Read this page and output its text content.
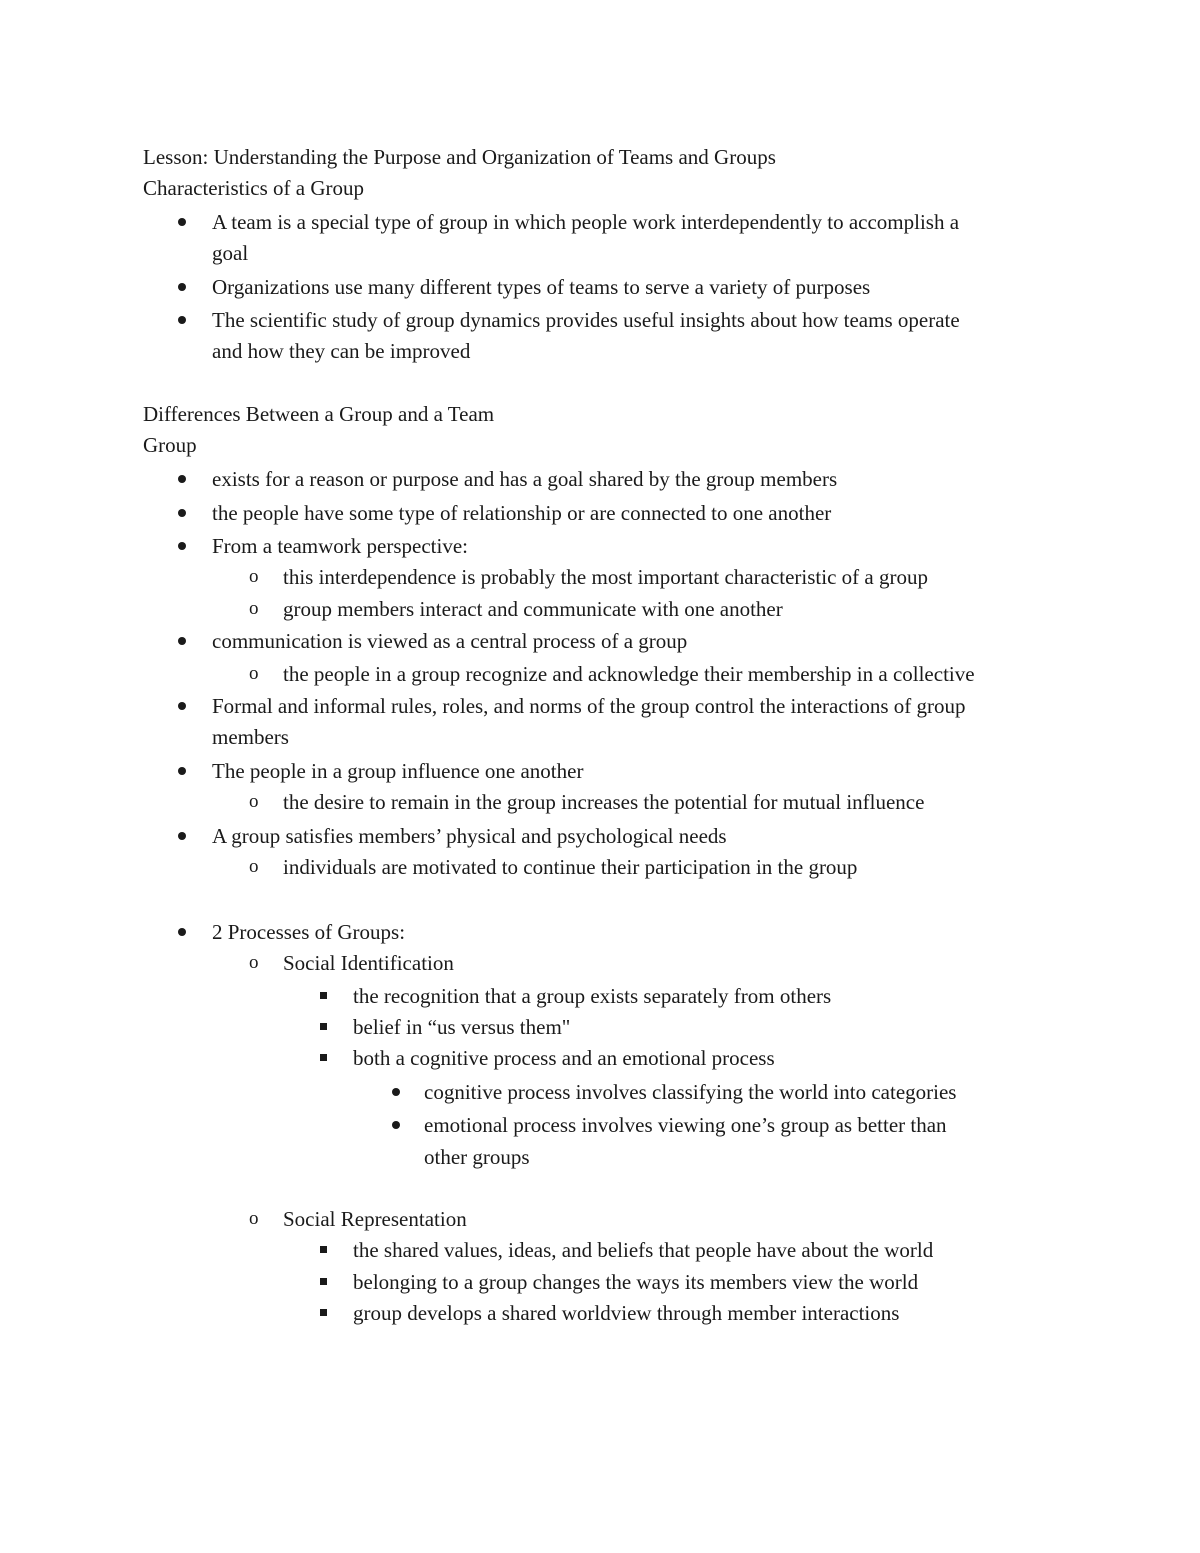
Lesson: Understanding the Purpose and Organization of Teams and Groups
Characteristics of a Group
A team is a special type of group in which people work interdependently to accomplish a
goal
Organizations use many different types of teams to serve a variety of purposes
The scientific study of group dynamics provides useful insights about how teams operate
and how they can be improved
Differences Between a Group and a Team
Group
exists for a reason or purpose and has a goal shared by the group members
the people have some type of relationship or are connected to one another
From a teamwork perspective:
o this interdependence is probably the most important characteristic of a group
o group members interact and communicate with one another
communication is viewed as a central process of a group
o the people in a group recognize and acknowledge their membership in a collective
Formal and informal rules, roles, and norms of the group control the interactions of group
members
The people in a group influence one another
o the desire to remain in the group increases the potential for mutual influence
A group satisfies members’ physical and psychological needs
o individuals are motivated to continue their participation in the group
2 Processes of Groups:
o Social Identification
the recognition that a group exists separately from others
belief in “us versus them"
both a cognitive process and an emotional process
cognitive process involves classifying the world into categories
emotional process involves viewing one’s group as better than
other groups
o Social Representation
the shared values, ideas, and beliefs that people have about the world
belonging to a group changes the ways its members view the world
group develops a shared worldview through member interactions
